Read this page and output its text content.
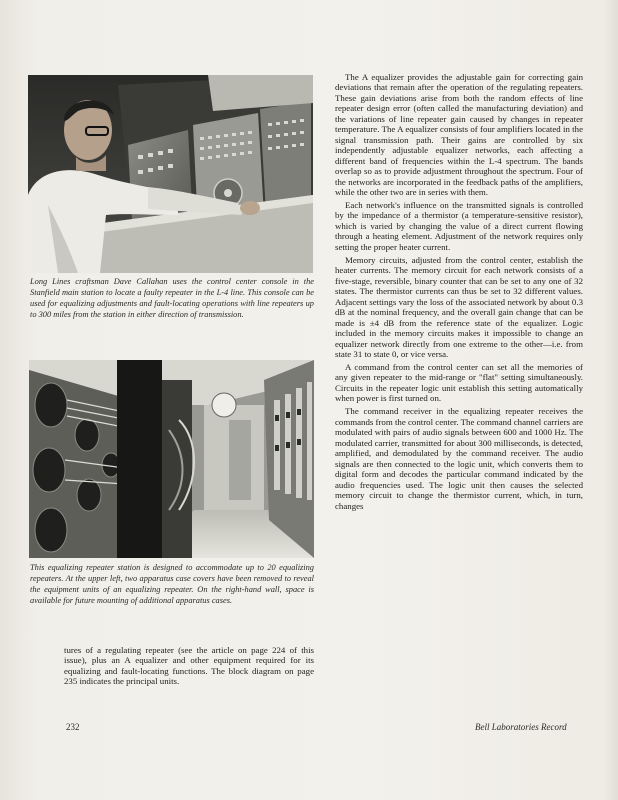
Long Lines craftsman Dave Callahan uses the control center console in the Stanfield main station to locate a faulty repeater in the L-4 line. This console can be used for equalizing adjustments and fault-locating operations with line repeaters up to 300 miles from the station in either direction of transmission.

This equalizing repeater station is designed to accommodate up to 20 equalizing repeaters. At the upper left, two apparatus case covers have been removed to reveal the equipment units of an equalizing repeater. On the right-hand wall, space is available for future mounting of additional apparatus cases.

tures of a regulating repeater (see the article on page 224 of this issue), plus an A equalizer and other equipment required for its equalizing and fault-locating functions. The block diagram on page 235 indicates the principal units.

The A equalizer provides the adjustable gain for correcting gain deviations that remain after the operation of the regulating repeaters. These gain deviations arise from both the random effects of line repeater design error (often called the manufacturing deviation) and the variations of line repeater gain caused by changes in repeater temperature. The A equalizer consists of four amplifiers located in the signal transmission path. Their gains are controlled by six independently adjustable equalizer networks, each affecting a different band of frequencies within the L-4 spectrum. The bands overlap so as to provide adjustment throughout the spectrum. Four of the networks are incorporated in the feedback paths of the amplifiers, while the other two are in series with them.

Each network's influence on the transmitted signals is controlled by the impedance of a thermistor (a temperature-sensitive resistor), which is varied by changing the value of a direct current flowing through a heating element. Adjustment of the network requires only setting the proper heater current.

Memory circuits, adjusted from the control center, establish the heater currents. The memory circuit for each network consists of a five-stage, reversible, binary counter that can be set to any one of 32 states. The thermistor currents can thus be set to 32 different values. Adjacent settings vary the loss of the associated network by about 0.3 dB at the nominal frequency, and the overall gain change that can be made is ±4 dB from the reference state of the equalizer. Logic included in the memory circuits makes it impossible to change an equalizer network directly from one extreme to the other—i.e. from state 31 to state 0, or vice versa.

A command from the control center can set all the memories of any given repeater to the mid-range or "flat" setting simultaneously. Circuits in the repeater logic unit establish this setting automatically when power is first turned on.

The command receiver in the equalizing repeater receives the commands from the control center. The command channel carriers are modulated with pairs of audio signals between 600 and 1000 Hz. The modulated carrier, transmitted for about 300 milliseconds, is detected, amplified, and demodulated by the command receiver. The audio signals are then connected to the logic unit, which converts them to digital form and decodes the particular command indicated by the audio frequencies used. The logic unit then causes the selected memory circuit to change the thermistor current, which, in turn, changes

232	Bell Laboratories Record
